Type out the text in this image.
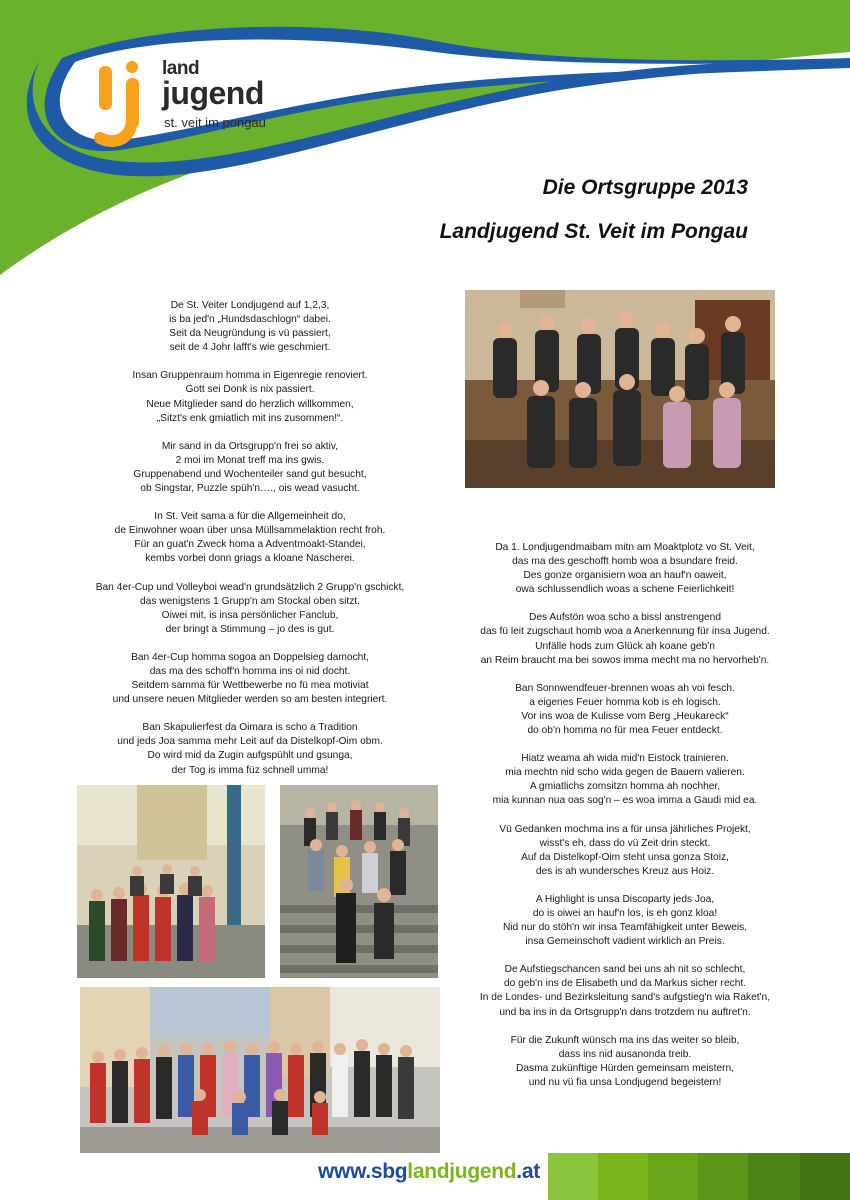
land
jugend
st. veit im pongau
Die Ortsgruppe 2013
Landjugend St. Veit im Pongau

De St. Veiter Londjugend auf 1,2,3,
is ba jed'n „Hundsdaschlogn“ dabei.
Seit da Neugründung is vü passiert,
seit de 4 Johr lafft's wie geschmiert.

Insan Gruppenraum homma in Eigenregie renoviert.
Gott sei Donk is nix passiert.
Neue Mitglieder sand do herzlich willkommen,
„Sitzt's enk gmiatlich mit ins zusommen!“.

Mir sand in da Ortsgrupp'n frei so aktiv,
2 moi im Monat treff ma ins gwis.
Gruppenabend und Wochenteiler sand gut besucht,
ob Singstar, Puzzle spüh'n…., ois wead vasucht.

In St. Veit sama a für die Allgemeinheit do,
de Einwohner woan über unsa Müllsammelaktion recht froh.
Für an guat'n Zweck homa a Adventmoakt-Standei,
kembs vorbei donn griags a kloane Nascherei.

Ban 4er-Cup und Volleyboi wead'n grundsätzlich 2 Grupp'n gschickt,
das wenigstens 1 Grupp'n am Stockal oben sitzt.
Oiwei mit, is insa persönlicher Fanclub,
der bringt a Stimmung – jo des is gut.

Ban 4er-Cup homma sogoa an Doppelsieg damocht,
das ma des schoff'n homma ins oi nid docht.
Seitdem samma für Wettbewerbe no fü mea motiviat
und unsere neuen Mitglieder werden so am besten integriert.

Ban Skapulierfest da Oimara is scho a Tradition
und jeds Joa samma mehr Leit auf da Distelkopf-Oim obm.
Do wird mid da Zugin aufgspühlt und gsunga,
der Tog is imma füz schnell umma!

Da 1. Londjugendmaibam mitn am Moaktplotz vo St. Veit,
das ma des geschofft homb woa a bsundare freid.
Des gonze organisiern woa an hauf'n oaweit,
owa schlussendlich woas a schene Feierlichkeit!

Des Aufstön woa scho a bissl anstrengend
das fü leit zugschaut homb woa a Anerkennung für insa Jugend.
Unfälle hods zum Glück ah koane geb'n
an Reim braucht ma bei sowos imma mecht ma no hervorheb'n.

Ban Sonnwendfeuer-brennen woas ah voi fesch.
a eigenes Feuer homma kob is eh logisch.
Vor ins woa de Kulisse vom Berg „Heukareck“
do ob'n homma no für mea Feuer entdeckt.

Hiatz weama ah wida mid'n Eistock trainieren.
mia mechtn nid scho wida gegen de Bauern valieren.
A gmiatlichs zomsitzn homma ah nochher,
mia kunnan nua oas sog'n – es woa imma a Gaudi mid ea.

Vü Gedanken mochma ins a für unsa jährliches Projekt,
wisst's eh, dass do vü Zeit drin steckt.
Auf da Distelkopf-Oim steht unsa gonza Stoiz,
des is ah wundersches Kreuz aus Hoiz.

A Highlight is unsa Discoparty jeds Joa,
do is oiwei an hauf'n los, is eh gonz kloa!
Nid nur do stöh'n wir insa Teamfähigkeit unter Beweis,
insa Gemeinschoft vadient wirklich an Preis.

De Aufstiegschancen sand bei uns ah nit so schlecht,
do geb'n ins de Elisabeth und da Markus sicher recht.
In de Londes- und Bezirksleitung sand's aufgstieg'n wia Raket'n,
und ba ins in da Ortsgrupp'n dans trotzdem nu auftret'n.

Für die Zukunft wünsch ma ins das weiter so bleib,
dass ins nid ausanonda treib.
Dasma zukünftige Hürden gemeinsam meistern,
und nu vü fia unsa Londjugend begeistern!

www.sbglandjugend.at
